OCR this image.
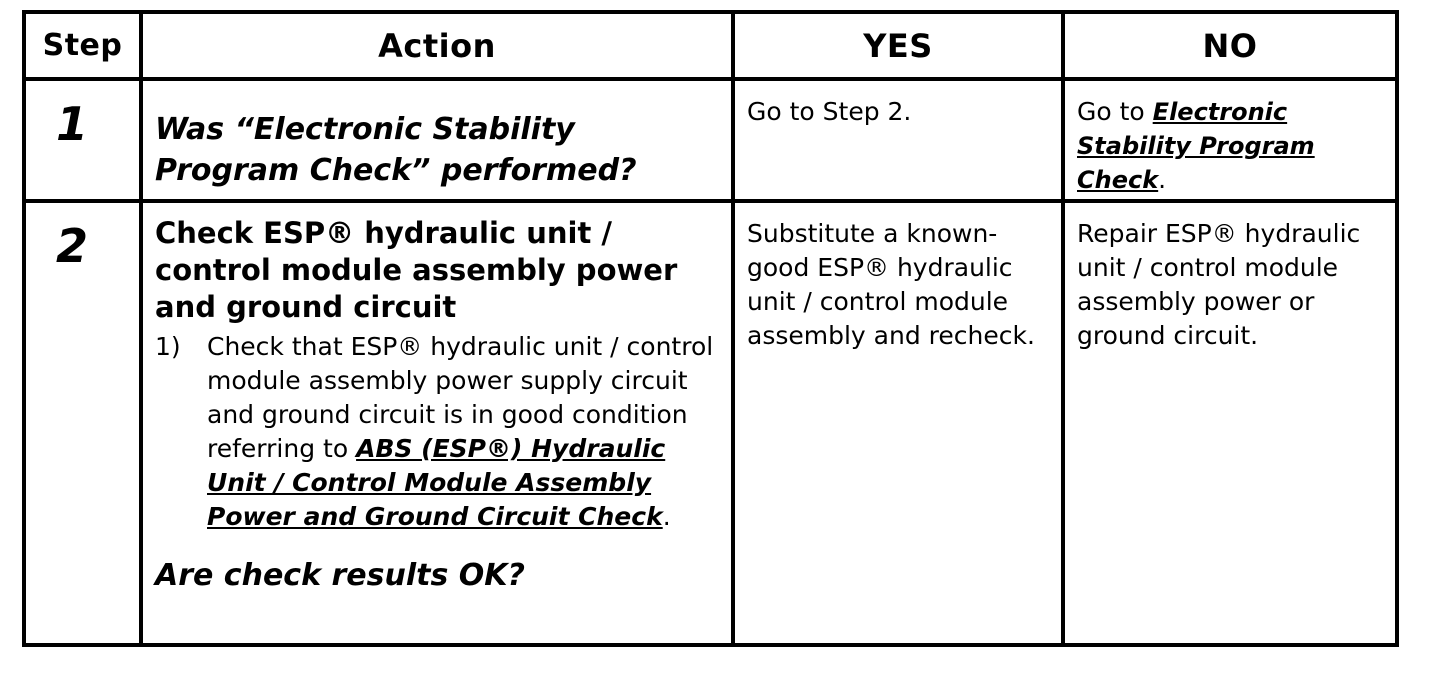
Step	Action	YES	NO

1	Was “Electronic Stability Program Check” performed?	Go to Step 2.	Go to Electronic Stability Program Check.

2	Check ESP® hydraulic unit / control module assembly power and ground circuit
1) Check that ESP® hydraulic unit / control module assembly power supply circuit and ground circuit is in good condition referring to ABS (ESP®) Hydraulic Unit / Control Module Assembly Power and Ground Circuit Check.
Are check results OK?	Substitute a known-good ESP® hydraulic unit / control module assembly and recheck.	Repair ESP® hydraulic unit / control module assembly power or ground circuit.
